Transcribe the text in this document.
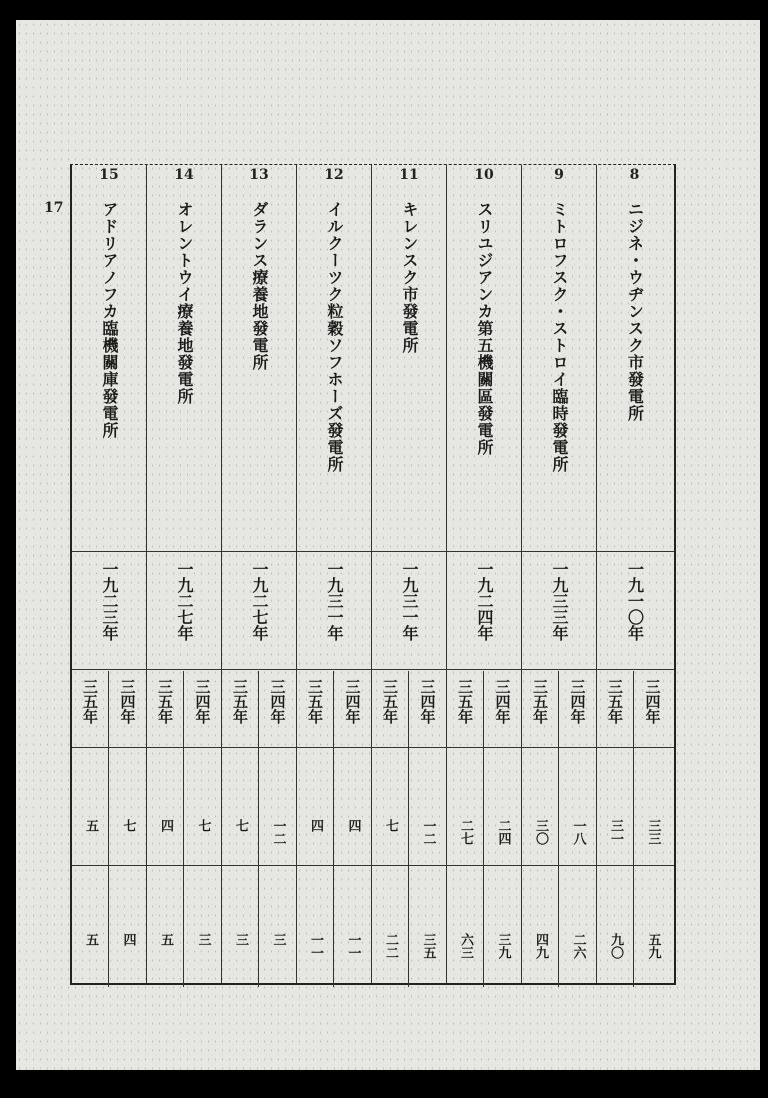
17
15
アドリアノフカ臨機關庫發電所
一九二三年
三五年
五
五
三四年
七
四
14
オレントウイ療養地發電所
一九二七年
三五年
四
五
三四年
七
三
13
ダランス療養地發電所
一九二七年
三五年
七
三
三四年
一二
三
12
イルクーツク粒穀ソフホーズ發電所
一九三一年
三五年
四
一一
三四年
四
一一
11
キレンスク市發電所
一九三一年
三五年
七
二二
三四年
一二
三五
10
スリユジアンカ第五機關區發電所
一九二四年
三五年
二七
六三
三四年
二四
三九
9
ミトロフスク・ストロイ臨時發電所
一九三三年
三五年
三〇
四九
三四年
一八
二六
8
ニジネ・ウヂンスク市發電所
一九一〇年
三五年
三一
九〇
三四年
三三
五九
